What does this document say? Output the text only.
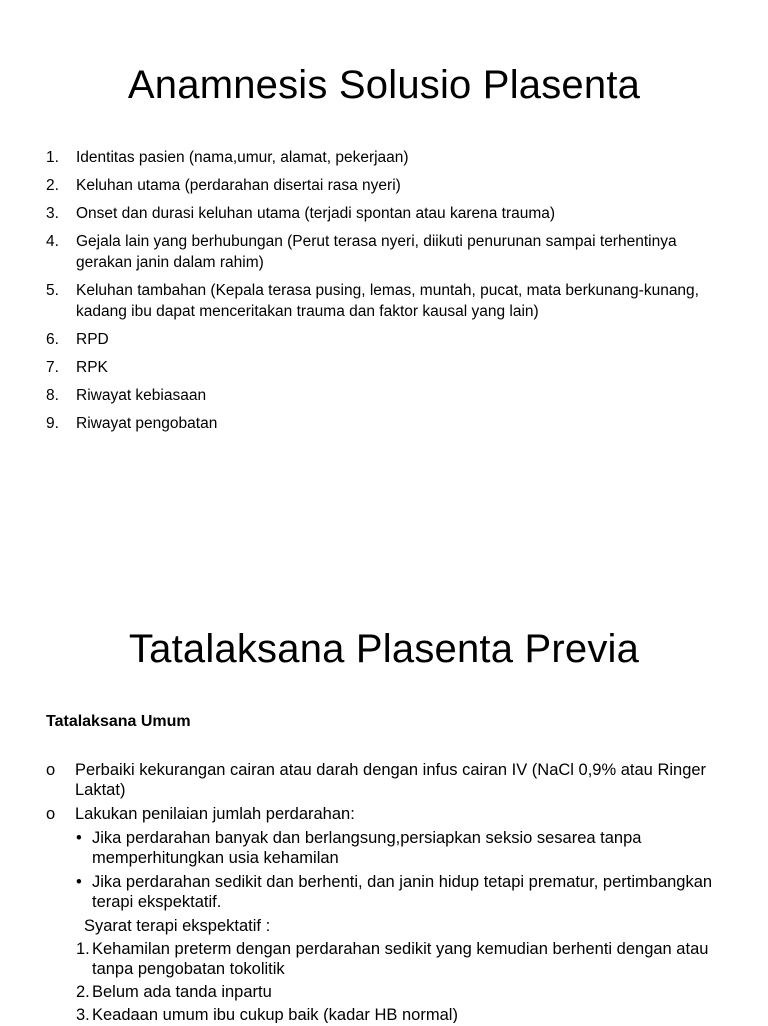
Anamnesis Solusio Plasenta
1. Identitas pasien (nama,umur, alamat, pekerjaan)
2. Keluhan utama (perdarahan disertai rasa nyeri)
3. Onset dan durasi keluhan utama (terjadi spontan atau karena trauma)
4. Gejala lain yang berhubungan (Perut terasa nyeri, diikuti penurunan sampai terhentinya gerakan janin dalam rahim)
5. Keluhan tambahan (Kepala terasa pusing, lemas, muntah, pucat, mata berkunang-kunang, kadang ibu dapat menceritakan trauma dan faktor kausal yang lain)
6. RPD
7. RPK
8. Riwayat kebiasaan
9. Riwayat pengobatan
Tatalaksana Plasenta Previa
Tatalaksana Umum
o Perbaiki kekurangan cairan atau darah dengan infus cairan IV (NaCl 0,9% atau Ringer Laktat)
o Lakukan penilaian jumlah perdarahan:
• Jika perdarahan banyak dan berlangsung,persiapkan seksio sesarea tanpa memperhitungkan usia kehamilan
• Jika perdarahan sedikit dan berhenti, dan janin hidup tetapi prematur, pertimbangkan terapi ekspektatif.
Syarat terapi ekspektatif :
1. Kehamilan preterm dengan perdarahan sedikit yang kemudian berhenti dengan atau tanpa pengobatan tokolitik
2. Belum ada tanda inpartu
3. Keadaan umum ibu cukup baik (kadar HB normal)
